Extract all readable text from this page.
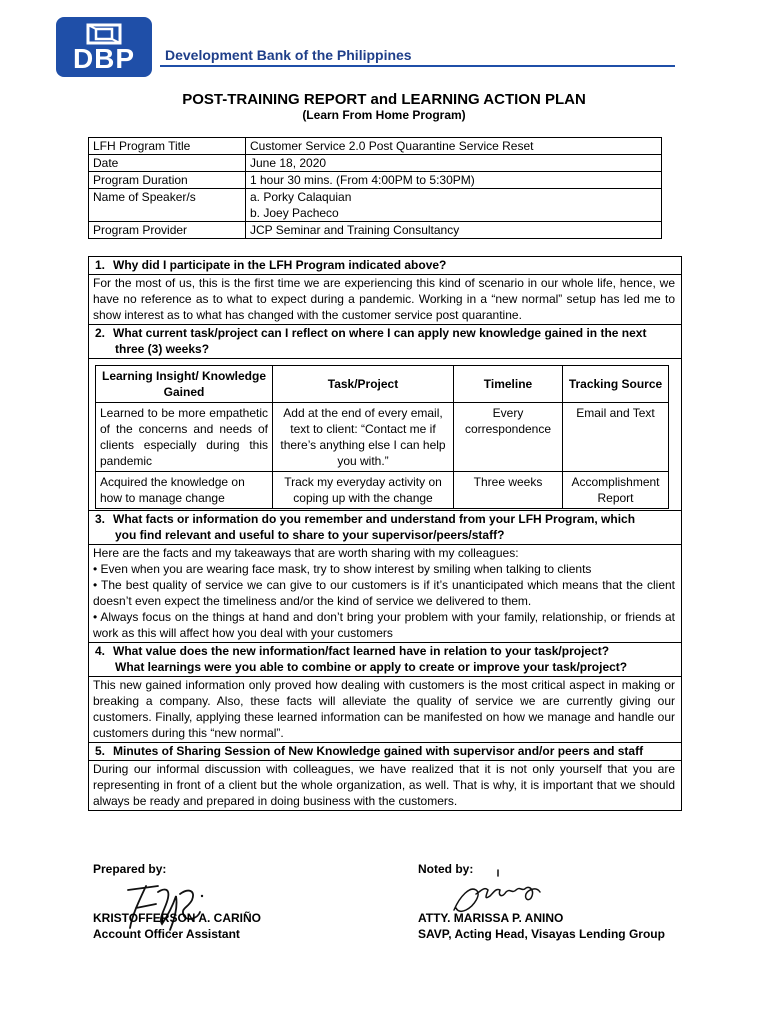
DBP	Development Bank of the Philippines
POST-TRAINING REPORT and LEARNING ACTION PLAN
(Learn From Home Program)
LFH Program Title	Customer Service 2.0 Post Quarantine Service Reset
Date	June 18, 2020
Program Duration	1 hour 30 mins. (From 4:00PM to 5:30PM)
Name of Speaker/s	a. Porky Calaquian
b. Joey Pacheco

Program Provider	JCP Seminar and Training Consultancy
1. Why did I participate in the LFH Program indicated above?
For the most of us, this is the first time we are experiencing this kind of scenario in our whole life, hence, we have no reference as to what to expect during a pandemic. Working in a “new normal” setup has led me to show interest as to what has changed with the customer service post quarantine.
2. What current task/project can I reflect on where I can apply new knowledge gained in the next
three (3) weeks?
Learning Insight/ Knowledge Gained	Task/Project	Timeline	Tracking Source
Learned to be more empathetic of the concerns and needs of clients especially during this pandemic	Add at the end of every email, text to client: “Contact me if there’s anything else I can help you with.”	Every correspondence	Email and Text
Acquired the knowledge on how to manage change	Track my everyday activity on coping up with the change	Three weeks	Accomplishment Report
3. What facts or information do you remember and understand from your LFH Program, which
you find relevant and useful to share to your supervisor/peers/staff?

Here are the facts and my takeaways that are worth sharing with my colleagues:

• Even when you are wearing face mask, try to show interest by smiling when talking to clients

• The best quality of service we can give to our customers is if it’s unanticipated which means that the client doesn’t even expect the timeliness and/or the kind of service we delivered to them.

• Always focus on the things at hand and don’t bring your problem with your family, relationship, or friends at work as this will affect how you deal with your customers

4. What value does the new information/fact learned have in relation to your task/project?
What learnings were you able to combine or apply to create or improve your task/project?
This new gained information only proved how dealing with customers is the most critical aspect in making or breaking a company. Also, these facts will alleviate the quality of service we are currently giving our customers. Finally, applying these learned information can be manifested on how we manage and handle our customers during this “new normal”.
5. Minutes of Sharing Session of New Knowledge gained with supervisor and/or peers and staff
During our informal discussion with colleagues, we have realized that it is not only yourself that you are representing in front of a client but the whole organization, as well. That is why, it is important that we should always be ready and prepared in doing business with the customers.
Prepared by:	Noted by:
KRISTOFFERSON A. CARIÑO
Account Officer Assistant
ATTY. MARISSA P. ANINO
SAVP, Acting Head, Visayas Lending Group
